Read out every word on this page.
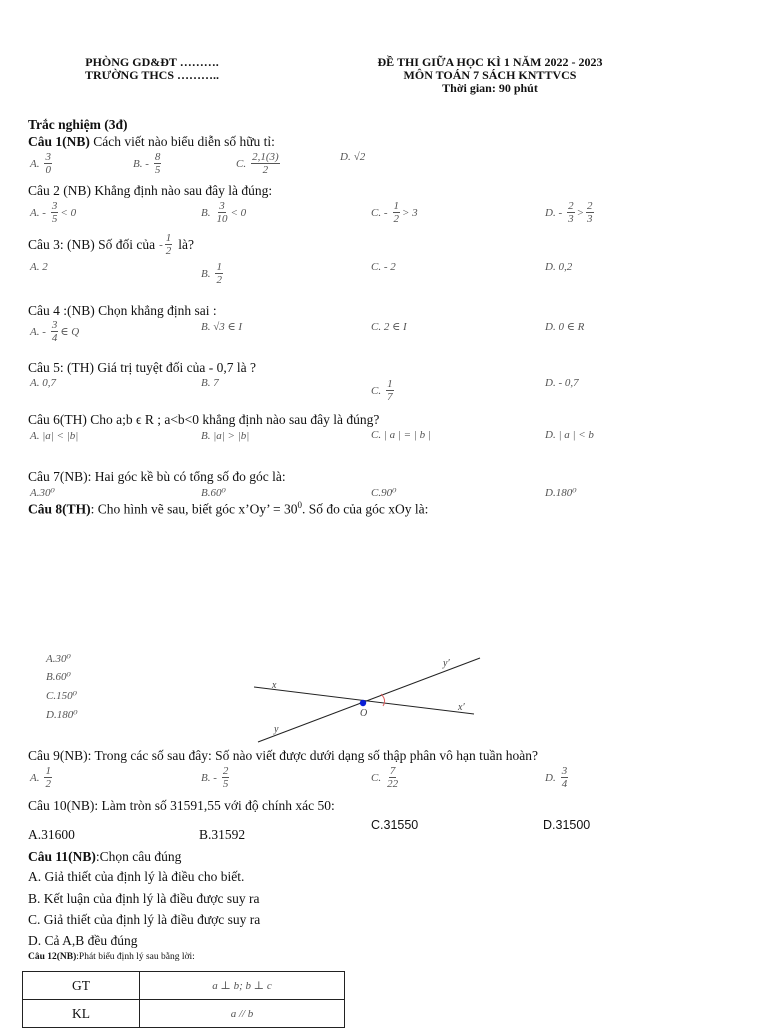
PHÒNG GD&ĐT ……….
TRƯỜNG THCS ………..
ĐỀ THI GIỮA HỌC KÌ 1 NĂM 2022 - 2023
MÔN TOÁN 7 SÁCH KNTTVCS
Thời gian: 90 phút
Trắc nghiệm (3đ)
Câu 1(NB) Cách viết nào biểu diễn số hữu tỉ:
A. $\frac{3}{0}$	B. - $\frac{8}{5}$	C. $\frac{2,1(3)}{2}$	D. √2
Câu 2 (NB) Khẳng định nào sau đây là đúng:
A. - $\frac{3}{5} < 0$	B. $\frac{3}{10} < 0$	C. - $\frac{1}{2} > 3$	D. - $\frac{2}{3} > \frac{2}{3}$
Câu 3: (NB) Số đối của - $\frac{1}{2}$ là?
A. 2
B. $\frac{1}{2}$	C. - 2	D. 0,2
Câu 4 :(NB) Chọn khẳng định sai :
A. - $\frac{3}{4}$ ∈ Q	B. √3 ∈ I	C. 2 ∈ I	D. 0 ∈ R
Câu 5: (TH) Giá trị tuyệt đối của - 0,7 là ?
A. 0,7	B. 7
C. $\frac{1}{7}$	D. - 0,7
Câu 6(TH) Cho a;b ϵ R ; a<b<0 khẳng định nào sau đây là đúng?
A. |a| < |b|	B. |a| > |b|	C. | a | = | b |	D. | a | < b
Câu 7(NB): Hai góc kề bù có tổng số đo góc là:
A.30⁰	B.60⁰	C.90⁰	D.180⁰
Câu 8(TH): Cho hình vẽ sau, biết góc x’Oy’ = $30^0$. Số đo của góc xOy là:
A.30⁰
B.60⁰
C.150⁰
D.180⁰
x
y
x′
y′
O
Câu 9(NB): Trong các số sau đây: Số nào viết được dưới dạng số thập phân vô hạn tuần hoàn?
A. $\frac{1}{2}$	B. - $\frac{2}{5}$	C. $\frac{7}{22}$	D. $\frac{3}{4}$
Câu 10(NB): Làm tròn số 31591,55 với độ chính xác 50:
A.31600	B.31592
C.31550	D.31500
Câu 11(NB):Chọn câu đúng
A. Giả thiết của định lý là điều cho biết.
B. Kết luận của định lý là điều được suy ra
C. Giả thiết của định lý là điều được suy ra
D. Cả A,B đều đúng
Câu 12(NB):Phát biểu định lý sau bằng lời:
GT	a ⊥ b; b ⊥ c
KL	a // b
